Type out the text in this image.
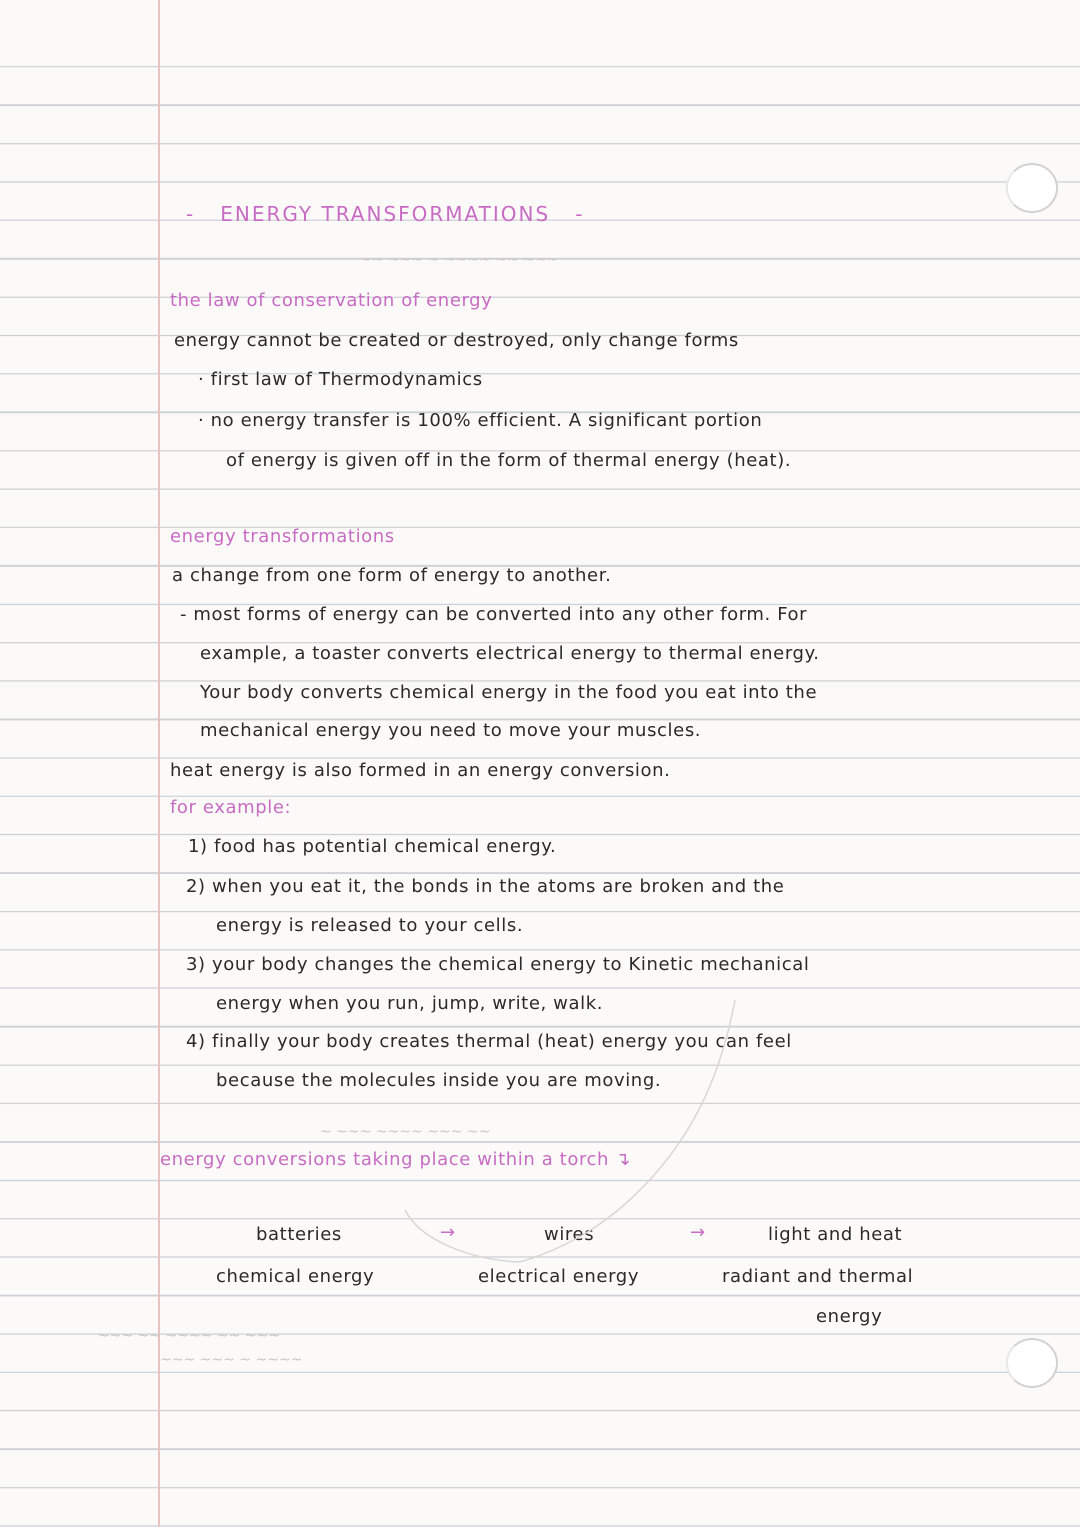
~~ ~~~ ~ ~~~~ ~~ ~~~
~ ~~~ ~~~~ ~~~ ~~
~~~ ~~ ~~~~ ~~ ~~~
~~~ ~~~ ~ ~~~~
-   ENERGY TRANSFORMATIONS   -
the law of conservation of energy
energy cannot be created or destroyed, only change forms
· first law of Thermodynamics
· no energy transfer is 100% efficient. A significant portion
of energy is given off in the form of thermal energy (heat).
energy transformations
a change from one form of energy to another.
- most forms of energy can be converted into any other form. For
example, a toaster converts electrical energy to thermal energy.
Your body converts chemical energy in the food you eat into the
mechanical energy you need to move your muscles.
heat energy is also formed in an energy conversion.
for example:
1) food has potential chemical energy.
2) when you eat it, the bonds in the atoms are broken and the
energy is released to your cells.
3) your body changes the chemical energy to Kinetic mechanical
energy when you run, jump, write, walk.
4) finally your body creates thermal (heat) energy you can feel
because the molecules inside you are moving.
energy conversions taking place within a torch ↴
batteries
chemical energy
→	wires
electrical energy
→	light and heat
radiant and thermal
energy
